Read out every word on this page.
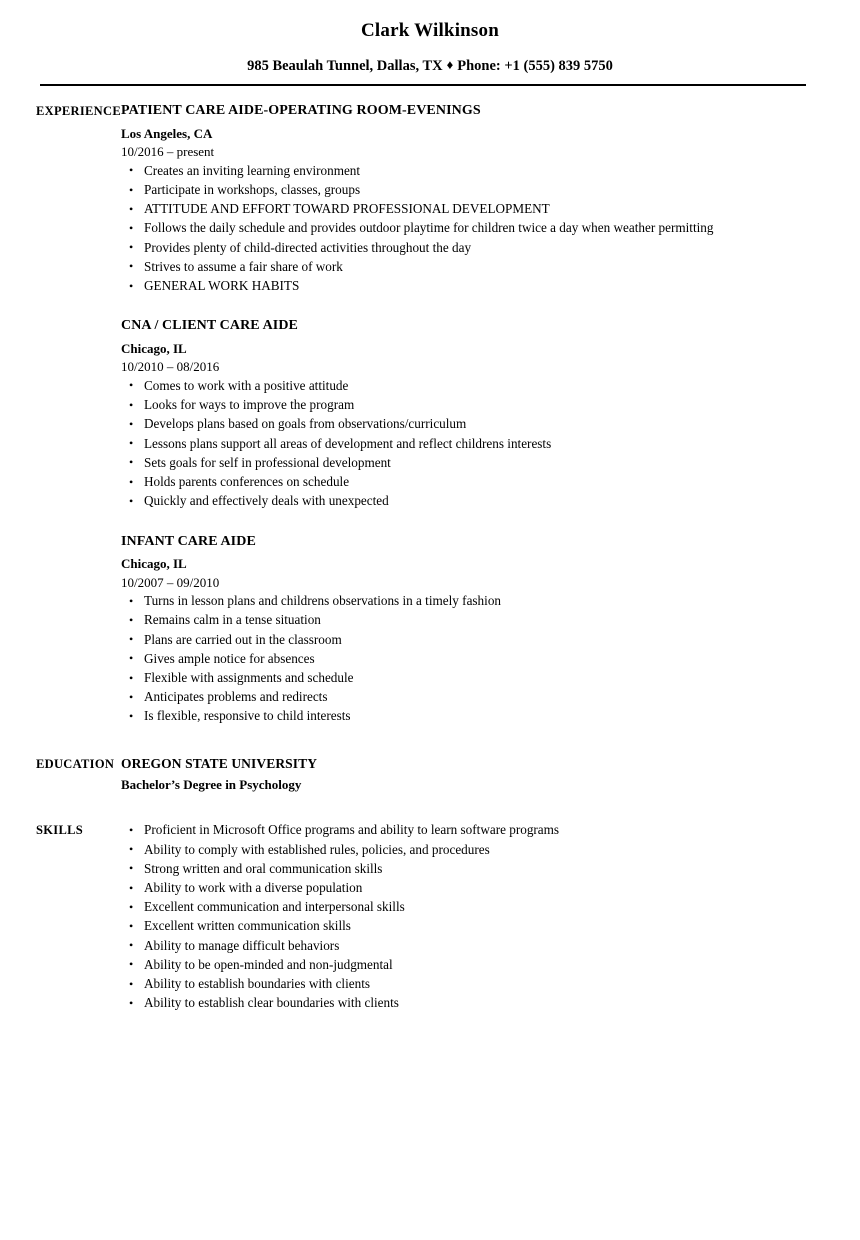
Clark Wilkinson
985 Beaulah Tunnel, Dallas, TX ♦ Phone: +1 (555) 839 5750
EXPERIENCE PATIENT CARE AIDE-OPERATING ROOM-EVENINGS
Los Angeles, CA
10/2016 – present
• Creates an inviting learning environment
• Participate in workshops, classes, groups
• ATTITUDE AND EFFORT TOWARD PROFESSIONAL DEVELOPMENT
• Follows the daily schedule and provides outdoor playtime for children twice a day when weather permitting
• Provides plenty of child-directed activities throughout the day
• Strives to assume a fair share of work
• GENERAL WORK HABITS
CNA / CLIENT CARE AIDE
Chicago, IL
10/2010 – 08/2016
• Comes to work with a positive attitude
• Looks for ways to improve the program
• Develops plans based on goals from observations/curriculum
• Lessons plans support all areas of development and reflect childrens interests
• Sets goals for self in professional development
• Holds parents conferences on schedule
• Quickly and effectively deals with unexpected
INFANT CARE AIDE
Chicago, IL
10/2007 – 09/2010
• Turns in lesson plans and childrens observations in a timely fashion
• Remains calm in a tense situation
• Plans are carried out in the classroom
• Gives ample notice for absences
• Flexible with assignments and schedule
• Anticipates problems and redirects
• Is flexible, responsive to child interests
EDUCATION OREGON STATE UNIVERSITY
Bachelor’s Degree in Psychology
SKILLS	• Proficient in Microsoft Office programs and ability to learn software programs
• Ability to comply with established rules, policies, and procedures
• Strong written and oral communication skills
• Ability to work with a diverse population
• Excellent communication and interpersonal skills
• Excellent written communication skills
• Ability to manage difficult behaviors
• Ability to be open-minded and non-judgmental
• Ability to establish boundaries with clients
• Ability to establish clear boundaries with clients
